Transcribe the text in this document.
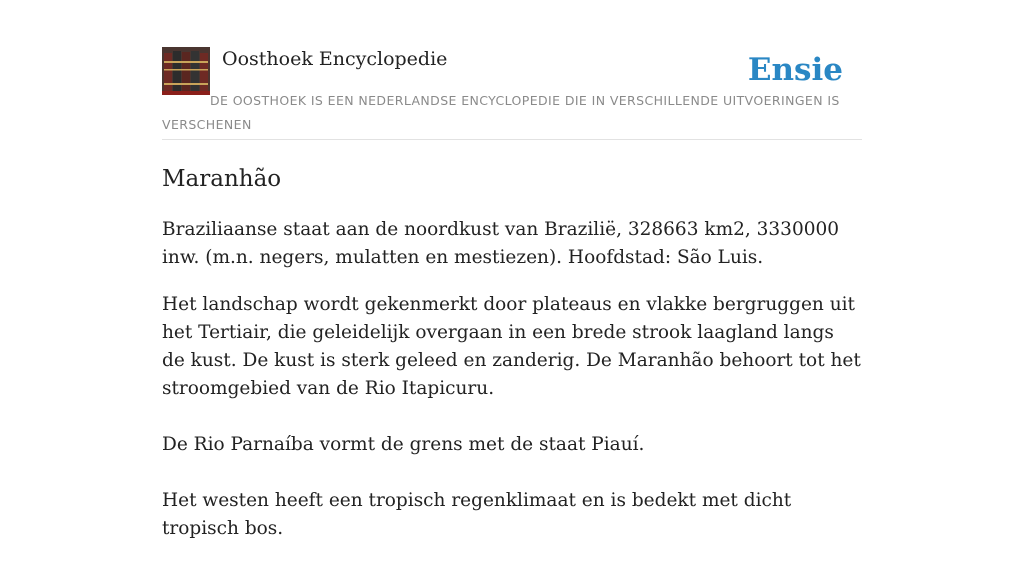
Oosthoek Encyclopedie	Ensie
DE OOSTHOEK IS EEN NEDERLANDSE ENCYCLOPEDIE DIE IN VERSCHILLENDE UITVOERINGEN IS VERSCHENEN
Maranhão

Braziliaanse staat aan de noordkust van Brazilië, 328663 km2, 3330000 inw. (m.n. negers, mulatten en mestiezen). Hoofdstad: São Luis.

Het landschap wordt gekenmerkt door plateaus en vlakke bergruggen uit het Tertiair, die geleidelijk overgaan in een brede strook laagland langs de kust. De kust is sterk geleed en zanderig. De Maranhão behoort tot het stroomgebied van de Rio Itapicuru.

De Rio Parnaíba vormt de grens met de staat Piauí.

Het westen heeft een tropisch regenklimaat en is bedekt met dicht tropisch bos.
